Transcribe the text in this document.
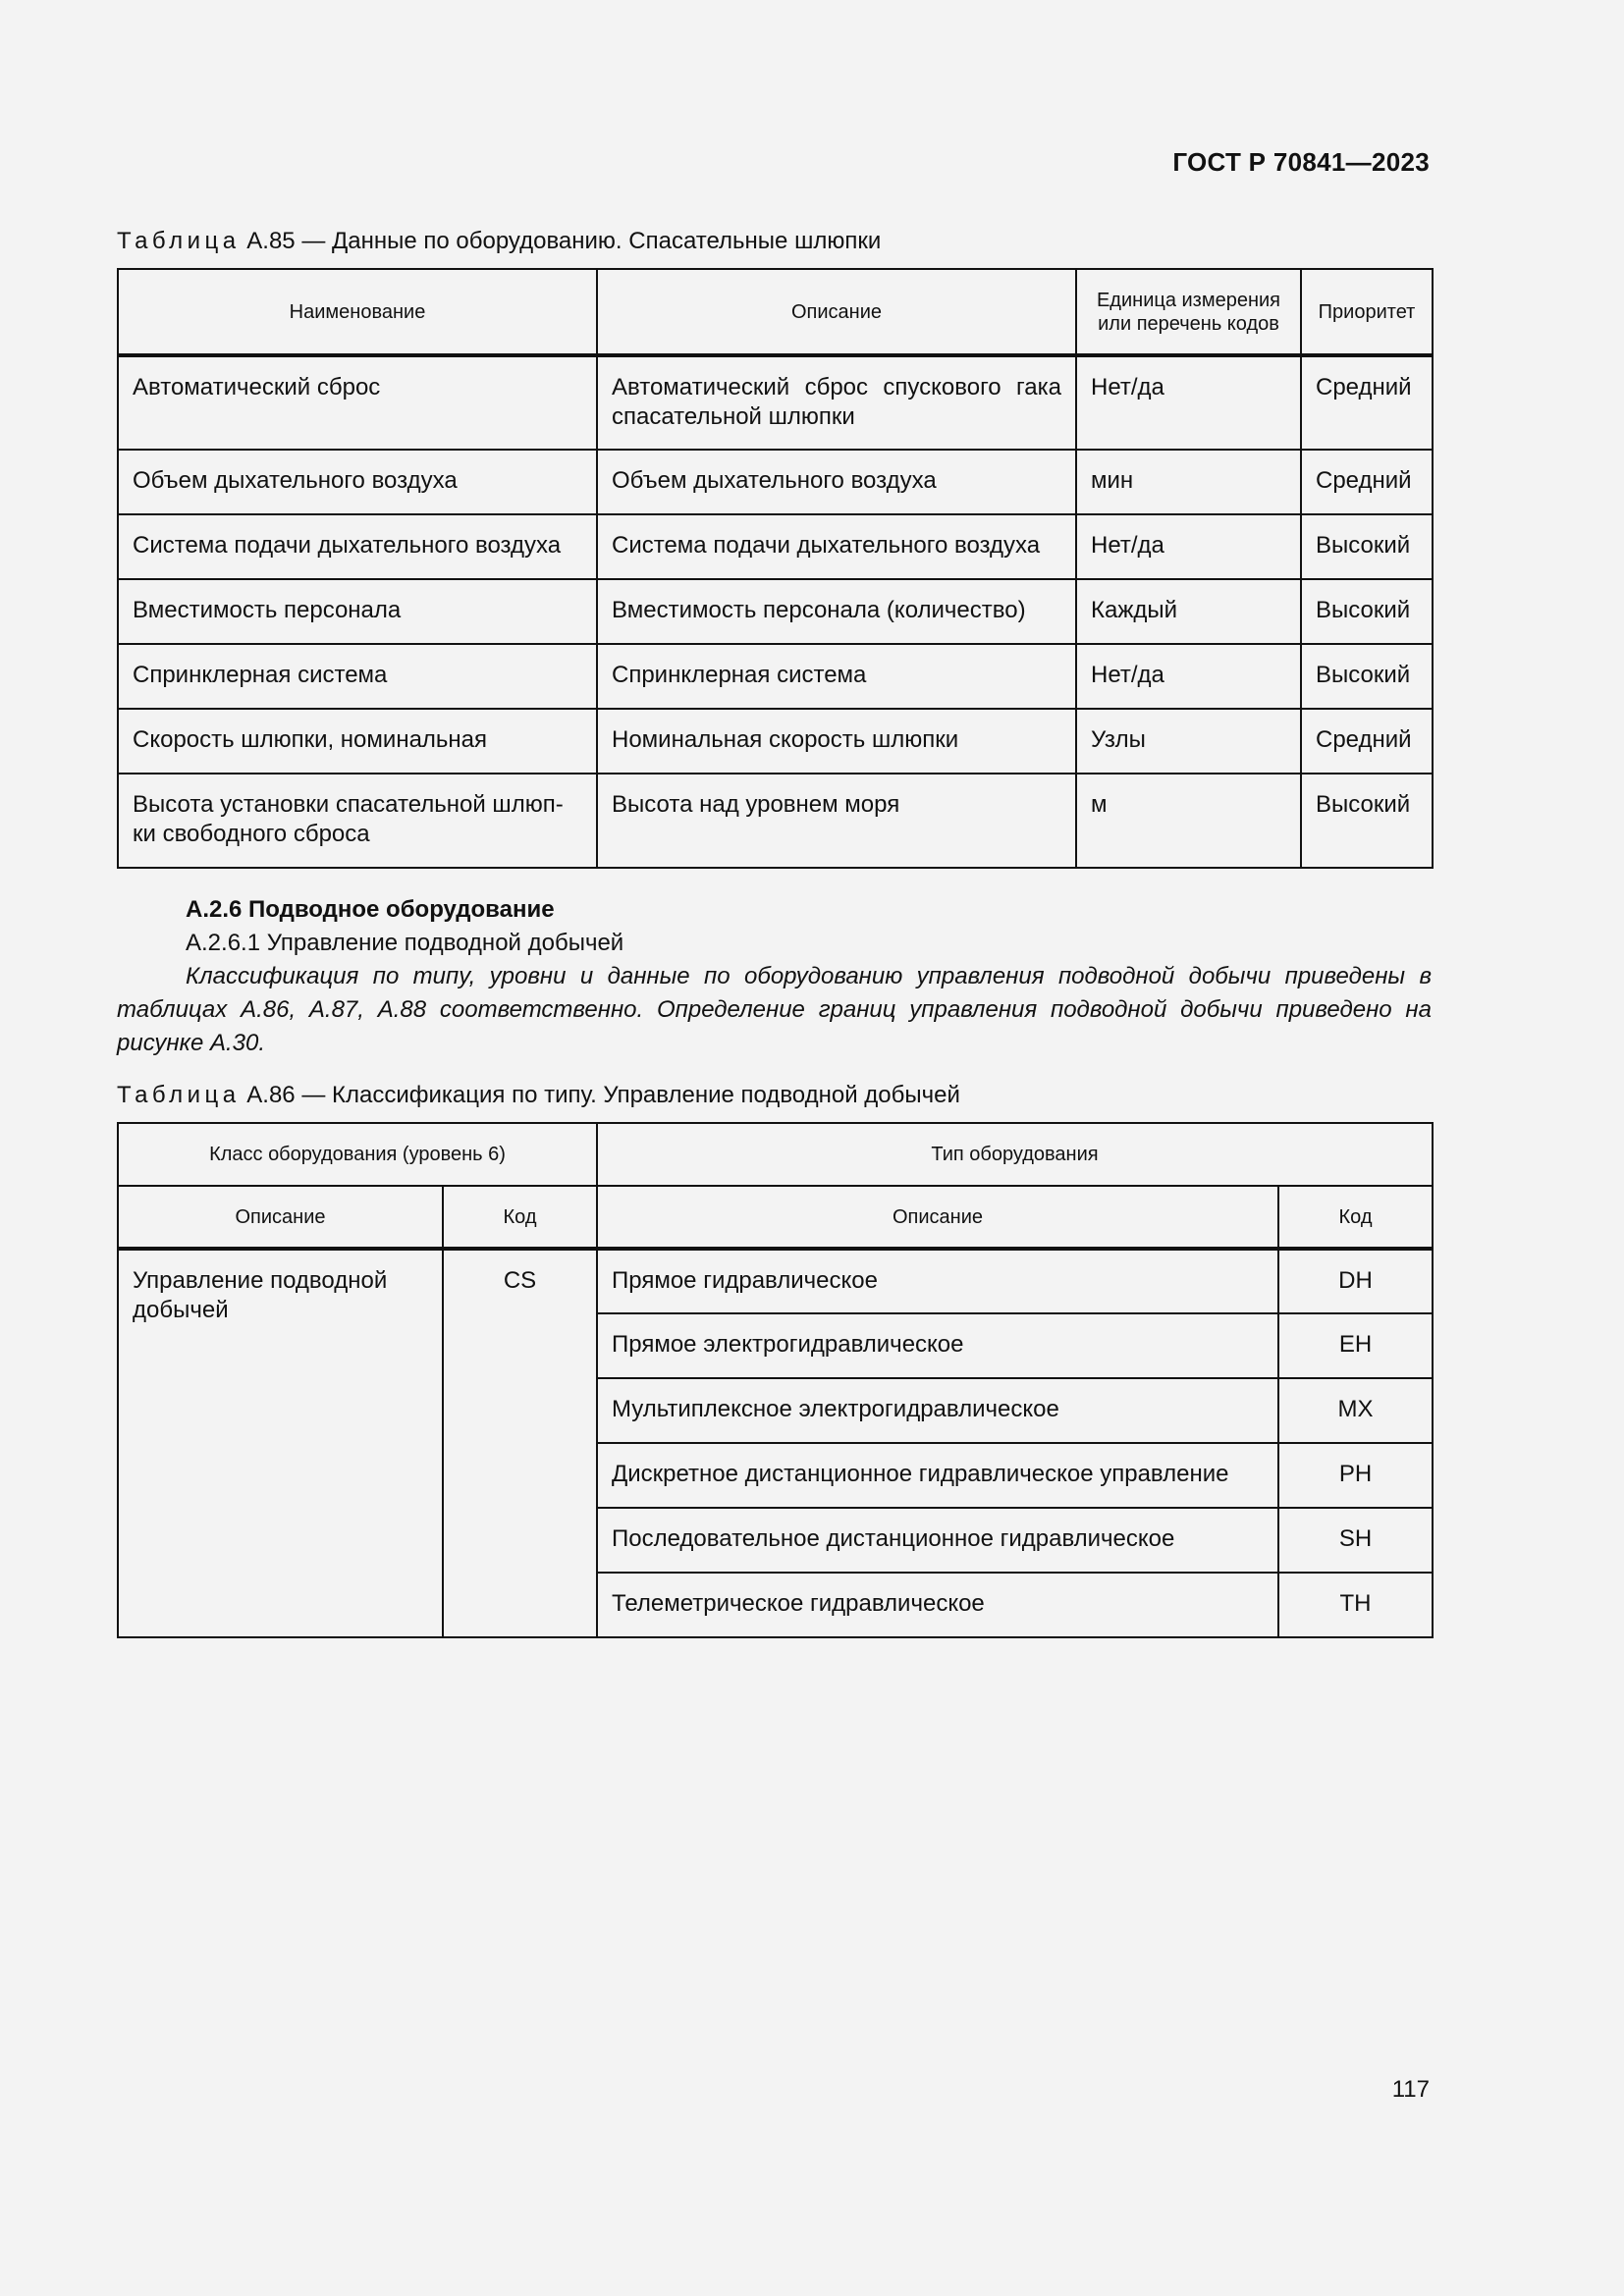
ГОСТ Р 70841—2023
Таблица А.85 — Данные по оборудованию. Спасательные шлюпки
Наименование	Описание	Единица измерения или перечень кодов	Приоритет
Автоматический сброс	Автоматический сброс спускового гака спасательной шлюпки	Нет/да	Средний
Объем дыхательного воздуха	Объем дыхательного воздуха	мин	Средний
Система подачи дыхательного воздуха	Система подачи дыхательного воздуха	Нет/да	Высокий
Вместимость персонала	Вместимость персонала (количество)	Каждый	Высокий
Спринклерная система	Спринклерная система	Нет/да	Высокий
Скорость шлюпки, номинальная	Номинальная скорость шлюпки	Узлы	Средний
Высота установки спасательной шлюп-ки свободного сброса	Высота над уровнем моря	м	Высокий
А.2.6 Подводное оборудование
А.2.6.1 Управление подводной добычей
Классификация по типу, уровни и данные по оборудованию управления подводной добычи приведены в таблицах А.86, А.87, А.88 соответственно. Определение границ управления подводной добычи приведено на рисунке А.30.
Таблица А.86 — Классификация по типу. Управление подводной добычей
Класс оборудования (уровень 6)		Тип оборудования	
Описание	Код	Описание	Код
Управление подводной добычей	CS	Прямое гидравлическое	DH
		Прямое электрогидравлическое	EH
		Мультиплексное электрогидравлическое	MX
		Дискретное дистанционное гидравлическое управление	PH
		Последовательное дистанционное гидравлическое	SH
		Телеметрическое гидравлическое	TH
117
